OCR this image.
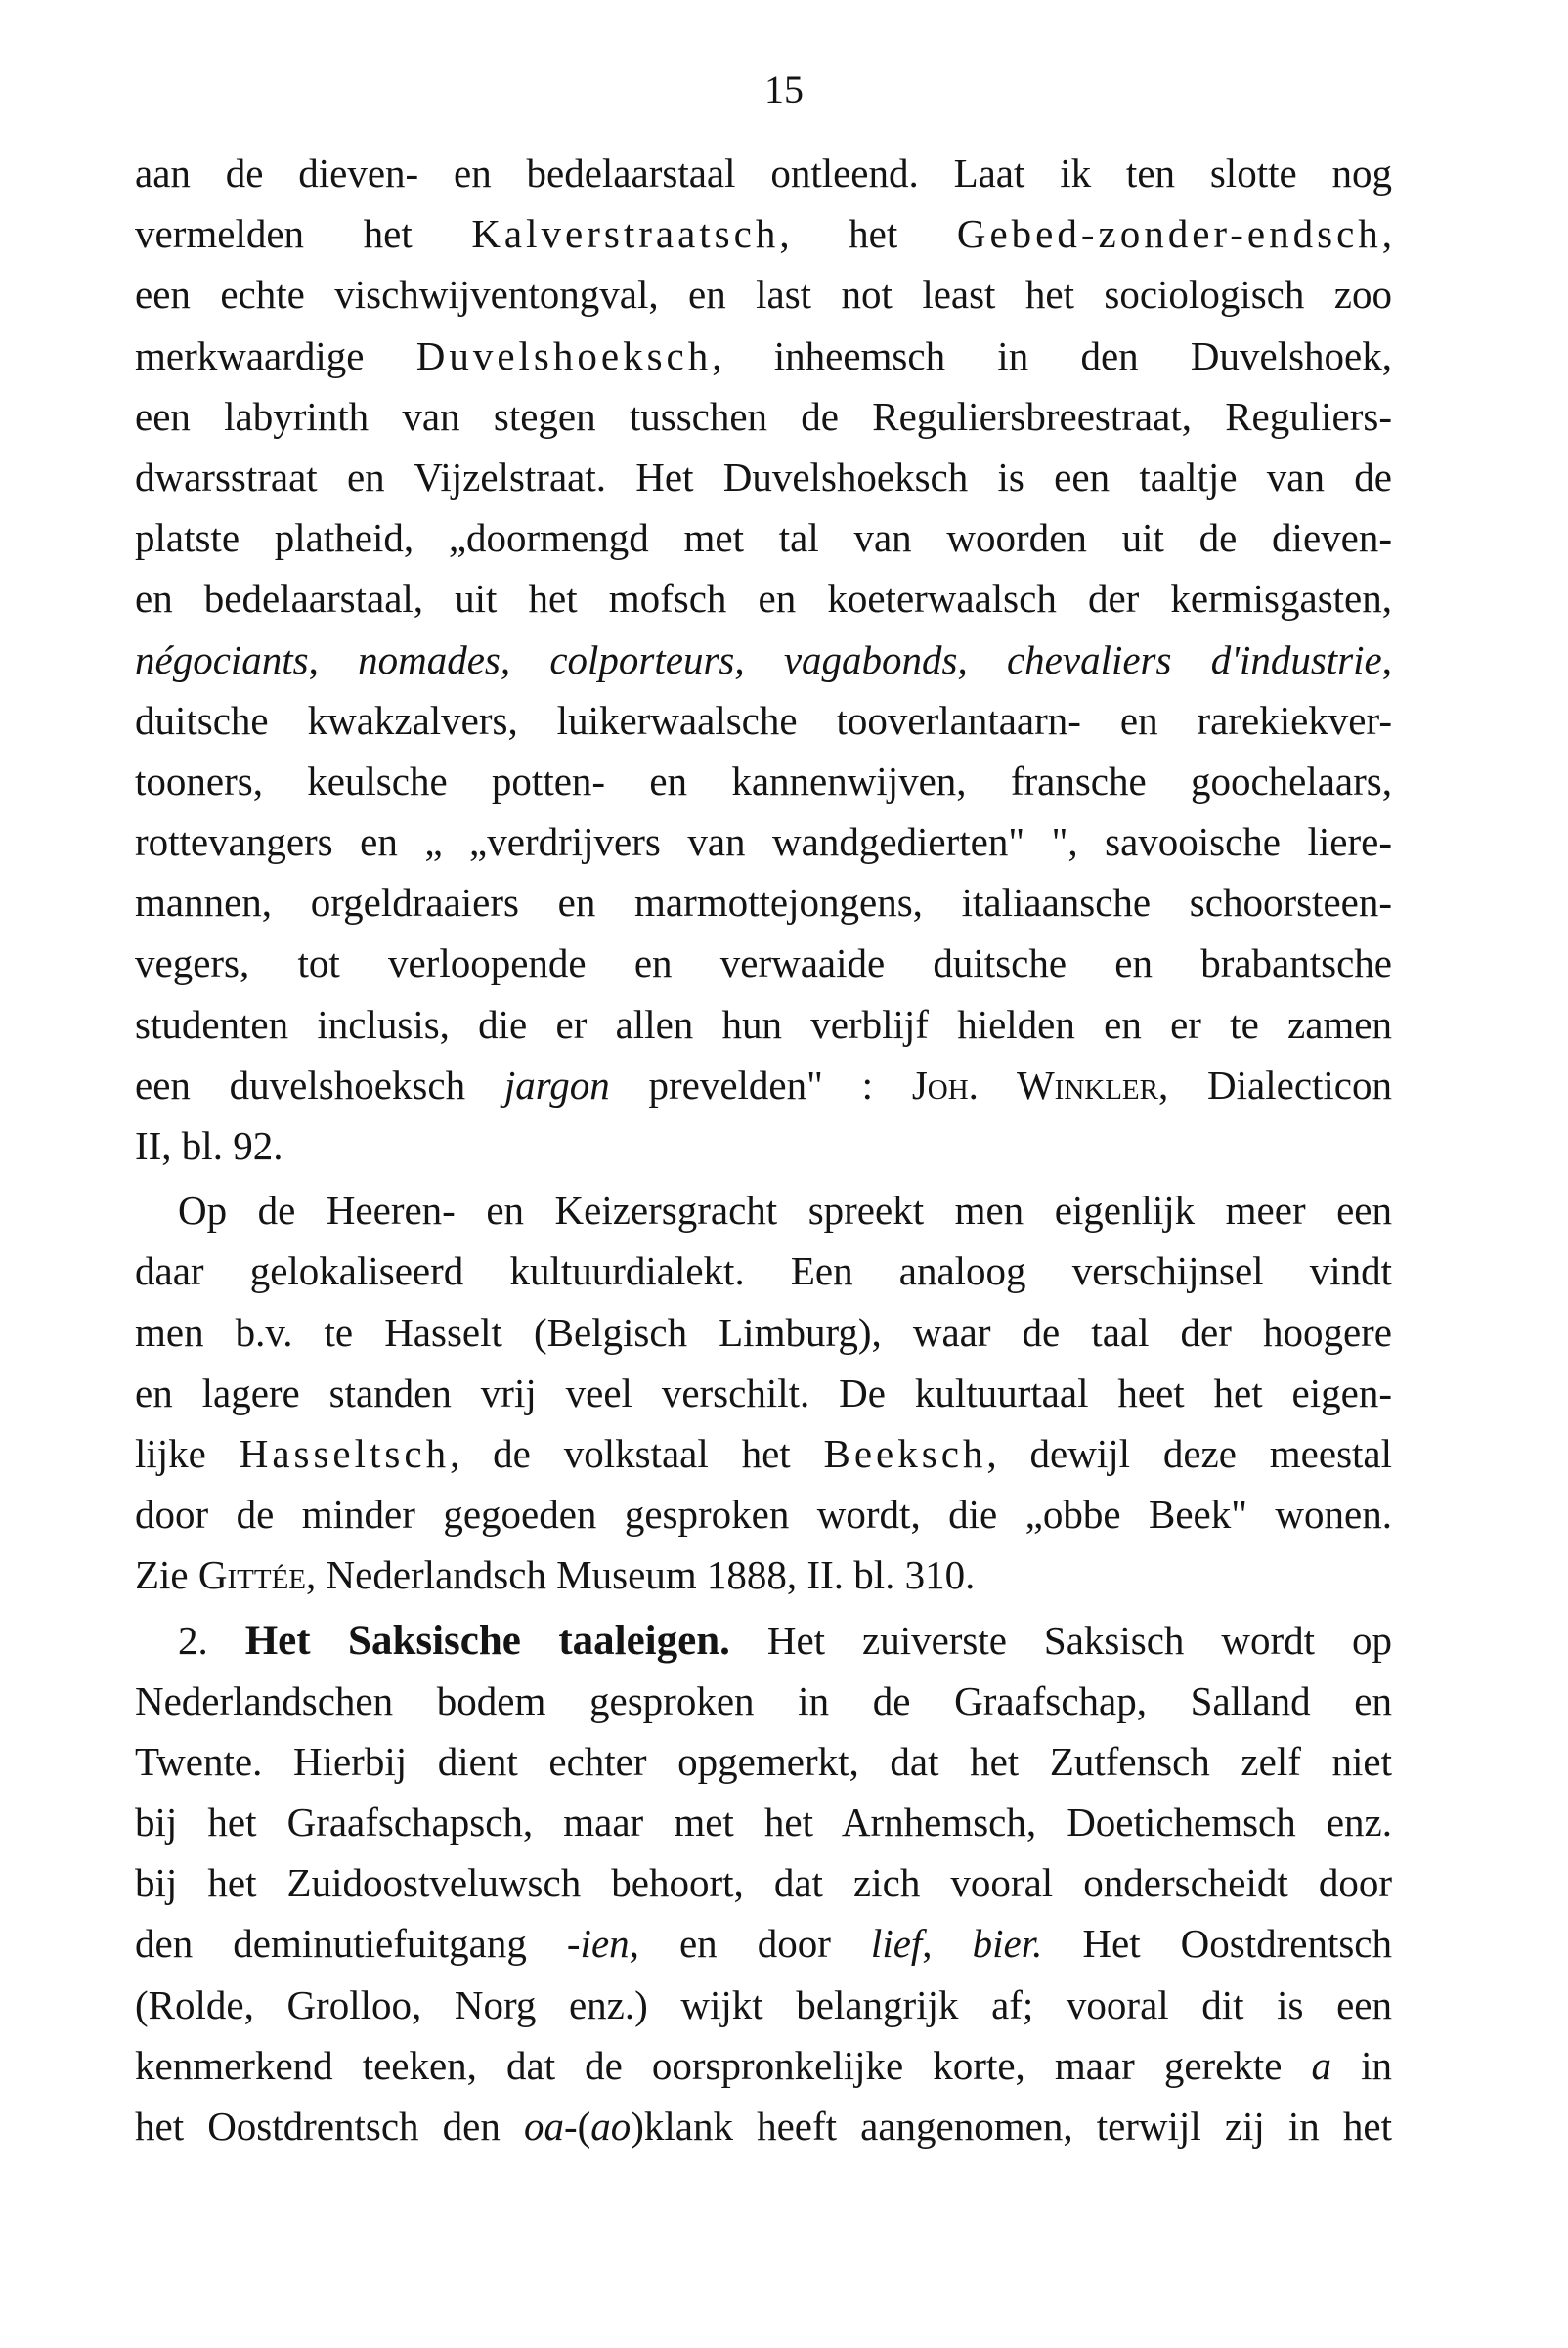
15
aan de dieven- en bedelaarstaal ontleend. Laat ik ten slotte nog
vermelden het Kalverstraatsch, het Gebed-zonder-endsch,
een echte vischwijventongval, en last not least het sociologisch zoo
merkwaardige Duvelshoeksch, inheemsch in den Duvelshoek,
een labyrinth van stegen tusschen de Reguliersbreestraat, Reguliers-
dwarsstraat en Vijzelstraat. Het Duvelshoeksch is een taaltje van de
platste platheid, „doormengd met tal van woorden uit de dieven-
en bedelaarstaal, uit het mofsch en koeterwaalsch der kermisgasten,
négociants, nomades, colporteurs, vagabonds, chevaliers d'industrie,
duitsche kwakzalvers, luikerwaalsche tooverlantaarn- en rarekiekver-
tooners, keulsche potten- en kannenwijven, fransche goochelaars,
rottevangers en „ „verdrijvers van wandgedierten" ", savooische liere-
mannen, orgeldraaiers en marmottejongens, italiaansche schoorsteen-
vegers, tot verloopende en verwaaide duitsche en brabantsche
studenten inclusis, die er allen hun verblijf hielden en er te zamen
een duvelshoeksch jargon prevelden" : Joh. Winkler, Dialecticon
II, bl. 92.
Op de Heeren- en Keizersgracht spreekt men eigenlijk meer een
daar gelokaliseerd kultuurdialekt. Een analoog verschijnsel vindt
men b.v. te Hasselt (Belgisch Limburg), waar de taal der hoogere
en lagere standen vrij veel verschilt. De kultuurtaal heet het eigen-
lijke Hasseltsch, de volkstaal het Beeksch, dewijl deze meestal
door de minder gegoeden gesproken wordt, die „obbe Beek" wonen.
Zie Gittée, Nederlandsch Museum 1888, II. bl. 310.
2. Het Saksische taaleigen. Het zuiverste Saksisch wordt op
Nederlandschen bodem gesproken in de Graafschap, Salland en
Twente. Hierbij dient echter opgemerkt, dat het Zutfensch zelf niet
bij het Graafschapsch, maar met het Arnhemsch, Doetichemsch enz.
bij het Zuidoostveluwsch behoort, dat zich vooral onderscheidt door
den deminutiefuitgang -ien, en door lief, bier. Het Oostdrentsch
(Rolde, Grolloo, Norg enz.) wijkt belangrijk af; vooral dit is een
kenmerkend teeken, dat de oorspronkelijke korte, maar gerekte a in
het Oostdrentsch den oa-(ao)klank heeft aangenomen, terwijl zij in het
